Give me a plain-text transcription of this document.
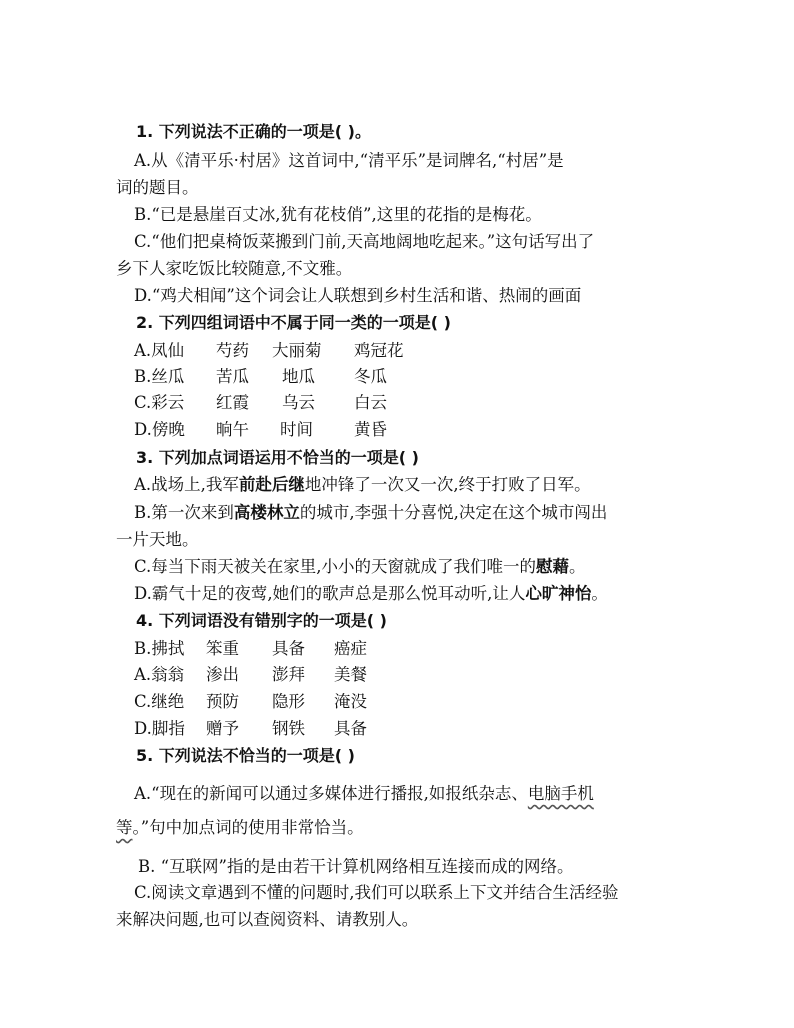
1. 下列说法不正确的一项是( )。
A.从《清平乐·村居》这首词中,“清平乐”是词牌名,“村居”是
词的题目。
B.“已是悬崖百丈冰,犹有花枝俏”,这里的花指的是梅花。
C.“他们把桌椅饭菜搬到门前,天高地阔地吃起来。”这句话写出了
乡下人家吃饭比较随意,不文雅。
D.“鸡犬相闻”这个词会让人联想到乡村生活和谐、热闹的画面
2. 下列四组词语中不属于同一类的一项是( )
A.凤仙 芍药 大丽菊 鸡冠花
B.丝瓜 苦瓜 地瓜 冬瓜
C.彩云 红霞 乌云 白云
D.傍晚 晌午 时间 黄昏
3. 下列加点词语运用不恰当的一项是( )
A.战场上,我军前赴后继地冲锋了一次又一次,终于打败了日军。
B.第一次来到高楼林立的城市,李强十分喜悦,决定在这个城市闯出
一片天地。
C.每当下雨天被关在家里,小小的天窗就成了我们唯一的慰藉。
D.霸气十足的夜莺,她们的歌声总是那么悦耳动听,让人心旷神怡。
4. 下列词语没有错别字的一项是( )
B.拂拭 笨重 具备 癌症
A.翁翁 渗出 澎拜 美餐
C.继绝 预防 隐形 淹没
D.脚指 赠予 钢铁 具备
5. 下列说法不恰当的一项是( )
A.“现在的新闻可以通过多媒体进行播报,如报纸杂志、电脑手机
等。”句中加点词的使用非常恰当。
B. “互联网”指的是由若干计算机网络相互连接而成的网络。
C.阅读文章遇到不懂的问题时,我们可以联系上下文并结合生活经验
来解决问题,也可以查阅资料、请教别人。
